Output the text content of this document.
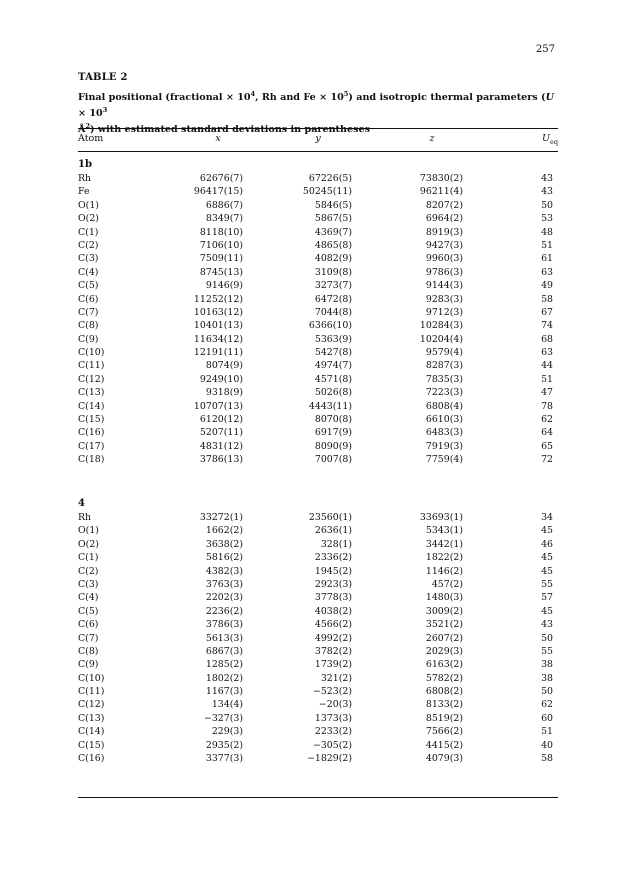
257
TABLE 2
Final positional (fractional × $10^4$, Rh and $Fe \times 10^5$) and isotropic thermal parameters ($U \times 10^3$
$Å^2$) with estimated standard deviations in parentheses
Atom	x	y	z	$U_{eq}$
1b
Rh	62676(7)	67226(5)	73830(2)	43
Fe	96417(15)	50245(11)	96211(4)	43
O(1)	6886(7)	5846(5)	8207(2)	50
O(2)	8349(7)	5867(5)	6964(2)	53
C(1)	8118(10)	4369(7)	8919(3)	48
C(2)	7106(10)	4865(8)	9427(3)	51
C(3)	7509(11)	4082(9)	9960(3)	61
C(4)	8745(13)	3109(8)	9786(3)	63
C(5)	9146(9)	3273(7)	9144(3)	49
C(6)	11252(12)	6472(8)	9283(3)	58
C(7)	10163(12)	7044(8)	9712(3)	67
C(8)	10401(13)	6366(10)	10284(3)	74
C(9)	11634(12)	5363(9)	10204(4)	68
C(10)	12191(11)	5427(8)	9579(4)	63
C(11)	8074(9)	4974(7)	8287(3)	44
C(12)	9249(10)	4571(8)	7835(3)	51
C(13)	9318(9)	5026(8)	7223(3)	47
C(14)	10707(13)	4443(11)	6808(4)	78
C(15)	6120(12)	8070(8)	6610(3)	62
C(16)	5207(11)	6917(9)	6483(3)	64
C(17)	4831(12)	8090(9)	7919(3)	65
C(18)	3786(13)	7007(8)	7759(4)	72
4
Rh	33272(1)	23560(1)	33693(1)	34
O(1)	1662(2)	2636(1)	5343(1)	45
O(2)	3638(2)	328(1)	3442(1)	46
C(1)	5816(2)	2336(2)	1822(2)	45
C(2)	4382(3)	1945(2)	1146(2)	45
C(3)	3763(3)	2923(3)	457(2)	55
C(4)	2202(3)	3778(3)	1480(3)	57
C(5)	2236(2)	4038(2)	3009(2)	45
C(6)	3786(3)	4566(2)	3521(2)	43
C(7)	5613(3)	4992(2)	2607(2)	50
C(8)	6867(3)	3782(2)	2029(3)	55
C(9)	1285(2)	1739(2)	6163(2)	38
C(10)	1802(2)	321(2)	5782(2)	38
C(11)	1167(3)	−523(2)	6808(2)	50
C(12)	134(4)	−20(3)	8133(2)	62
C(13)	−327(3)	1373(3)	8519(2)	60
C(14)	229(3)	2233(2)	7566(2)	51
C(15)	2935(2)	−305(2)	4415(2)	40
C(16)	3377(3)	−1829(2)	4079(3)	58
